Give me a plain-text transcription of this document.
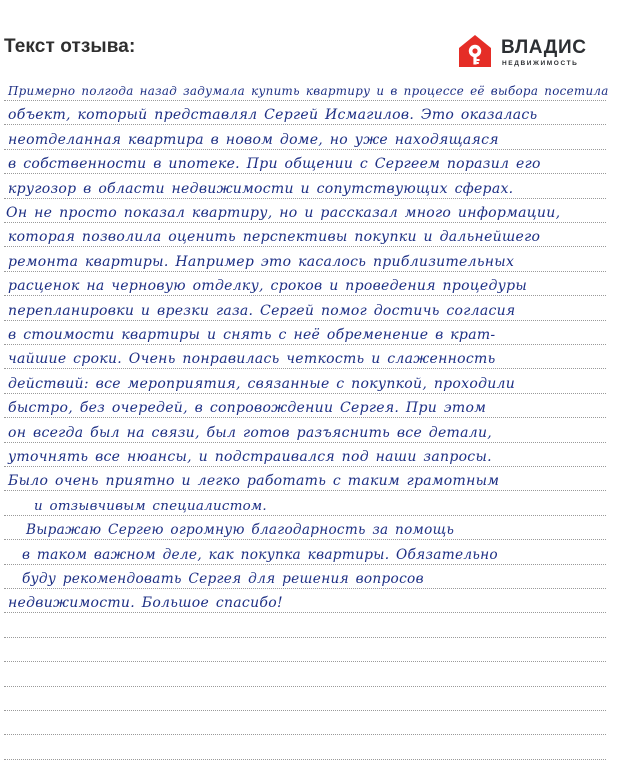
Текст отзыва:	ВЛАДИС
НЕДВИЖИМОСТЬ
Примерно полгода назад задумала купить квартиру и в процессе её выбора посетила
объект, который представлял Сергей Исмагилов. Это оказалась
неотделанная квартира в новом доме, но уже находящаяся
в собственности в ипотеке. При общении с Сергеем поразил его
кругозор в области недвижимости и сопутствующих сферах.
Он не просто показал квартиру, но и рассказал много информации,
которая позволила оценить перспективы покупки и дальнейшего
ремонта квартиры. Например это касалось приблизительных
расценок на черновую отделку, сроков и проведения процедуры
перепланировки и врезки газа. Сергей помог достичь согласия
в стоимости квартиры и снять с неё обременение в крат-
чайшие сроки. Очень понравилась четкость и слаженность
действий: все мероприятия, связанные с покупкой, проходили
быстро, без очередей, в сопровождении Сергея. При этом
он всегда был на связи, был готов разъяснить все детали,
уточнять все нюансы, и подстраивался под наши запросы.
Было очень приятно и легко работать с таким грамотным
и отзывчивым специалистом.
Выражаю Сергею огромную благодарность за помощь
в таком важном деле, как покупка квартиры. Обязательно
буду рекомендовать Сергея для решения вопросов
недвижимости. Большое спасибо!
